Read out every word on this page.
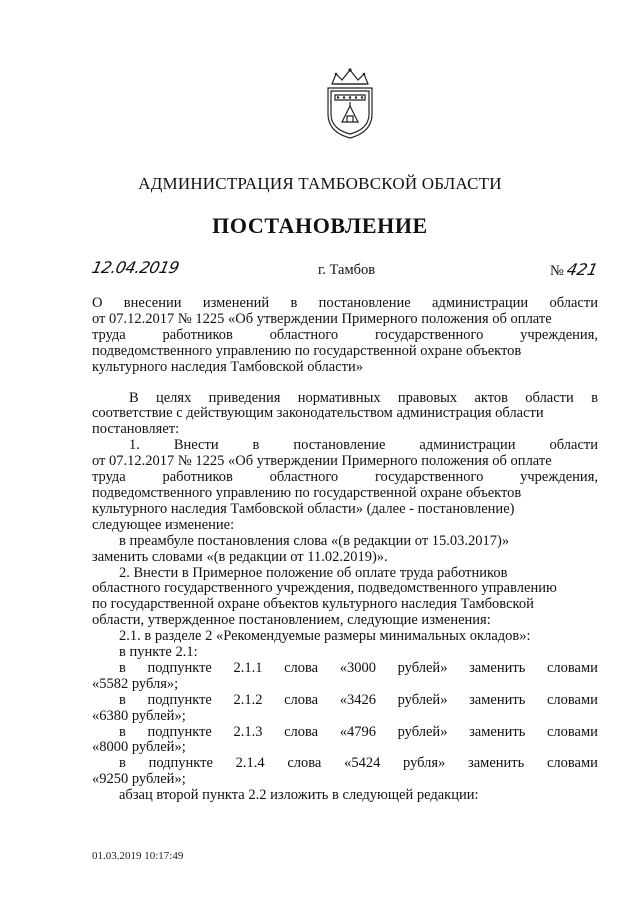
АДМИНИСТРАЦИЯ ТАМБОВСКОЙ ОБЛАСТИ
ПОСТАНОВЛЕНИЕ
12.04.2019	г. Тамбов	№ 421
О внесении изменений в постановление администрации области
от 07.12.2017 № 1225 «Об утверждении Примерного положения об оплате
труда	работников	областного	государственного	учреждения,
подведомственного управлению по государственной охране объектов
культурного наследия Тамбовской области»
В целях приведения нормативных правовых актов области в
соответствие с действующим законодательством администрация области
постановляет:
1. Внести в постановление администрации области
от 07.12.2017 № 1225 «Об утверждении Примерного положения об оплате
труда	работников	областного	государственного	учреждения,
подведомственного управлению по государственной охране объектов
культурного наследия Тамбовской области» (далее - постановление)
следующее изменение:
в преамбуле постановления слова «(в редакции от 15.03.2017)»
заменить словами «(в редакции от 11.02.2019)».
2. Внести в Примерное положение об оплате труда работников
областного государственного учреждения, подведомственного управлению
по государственной охране объектов культурного наследия Тамбовской
области, утвержденное постановлением, следующие изменения:
2.1. в разделе 2 «Рекомендуемые размеры минимальных окладов»:
в пункте 2.1:
в подпункте 2.1.1 слова «3000 рублей» заменить словами
«5582 рубля»;
в подпункте 2.1.2 слова «3426 рублей» заменить словами
«6380 рублей»;
в подпункте 2.1.3 слова «4796 рублей» заменить словами
«8000 рублей»;
в подпункте 2.1.4 слова «5424 рубля» заменить словами
«9250 рублей»;
абзац второй пункта 2.2 изложить в следующей редакции:
01.03.2019 10:17:49
